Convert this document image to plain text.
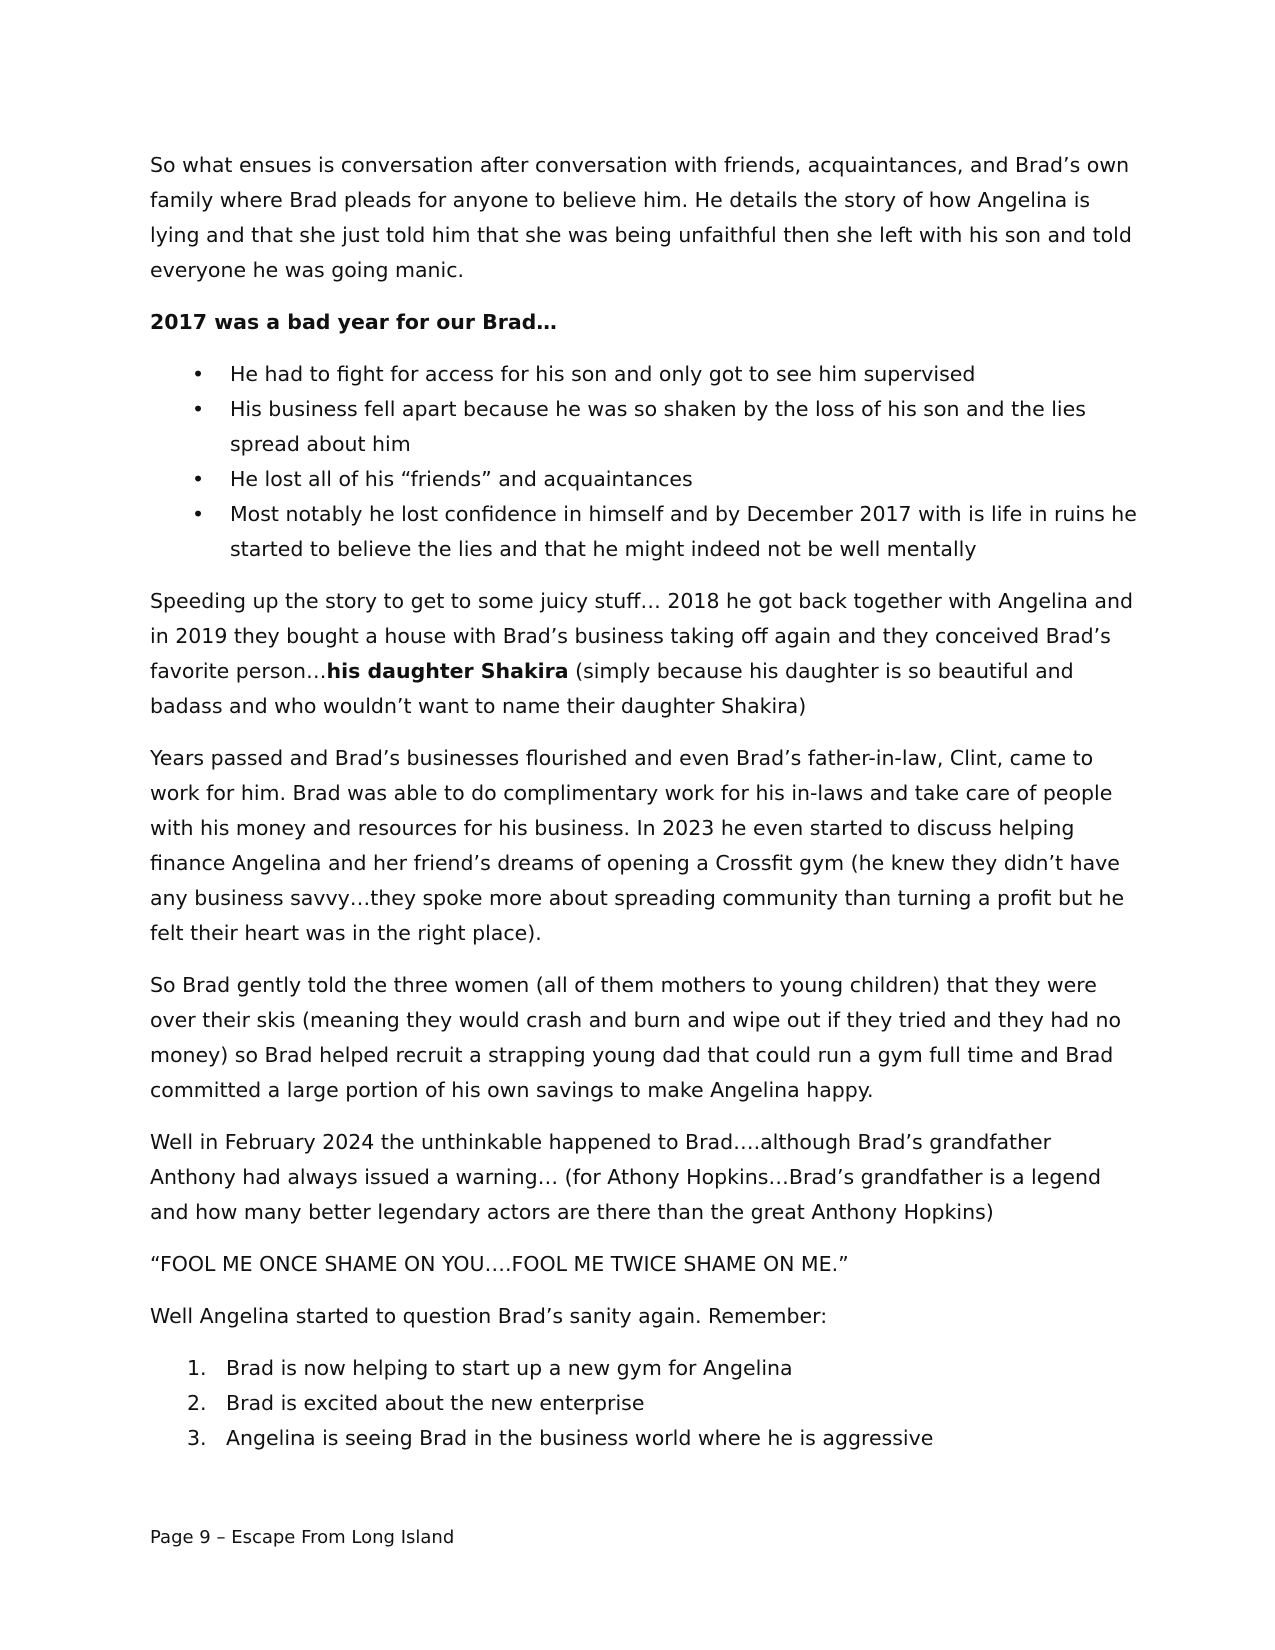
So what ensues is conversation after conversation with friends, acquaintances, and Brad’s own family where Brad pleads for anyone to believe him. He details the story of how Angelina is lying and that she just told him that she was being unfaithful then she left with his son and told everyone he was going manic.

2017 was a bad year for our Brad…

• He had to fight for access for his son and only got to see him supervised
• His business fell apart because he was so shaken by the loss of his son and the lies spread about him
• He lost all of his “friends” and acquaintances
• Most notably he lost confidence in himself and by December 2017 with is life in ruins he started to believe the lies and that he might indeed not be well mentally

Speeding up the story to get to some juicy stuff… 2018 he got back together with Angelina and in 2019 they bought a house with Brad’s business taking off again and they conceived Brad’s favorite person…his daughter Shakira (simply because his daughter is so beautiful and badass and who wouldn’t want to name their daughter Shakira)

Years passed and Brad’s businesses flourished and even Brad’s father-in-law, Clint, came to work for him. Brad was able to do complimentary work for his in-laws and take care of people with his money and resources for his business. In 2023 he even started to discuss helping finance Angelina and her friend’s dreams of opening a Crossfit gym (he knew they didn’t have any business savvy…they spoke more about spreading community than turning a profit but he felt their heart was in the right place).

So Brad gently told the three women (all of them mothers to young children) that they were over their skis (meaning they would crash and burn and wipe out if they tried and they had no money) so Brad helped recruit a strapping young dad that could run a gym full time and Brad committed a large portion of his own savings to make Angelina happy.

Well in February 2024 the unthinkable happened to Brad….although Brad’s grandfather Anthony had always issued a warning… (for Athony Hopkins…Brad’s grandfather is a legend and how many better legendary actors are there than the great Anthony Hopkins)

“FOOL ME ONCE SHAME ON YOU….FOOL ME TWICE SHAME ON ME.”

Well Angelina started to question Brad’s sanity again. Remember:

1. Brad is now helping to start up a new gym for Angelina
2. Brad is excited about the new enterprise
3. Angelina is seeing Brad in the business world where he is aggressive
Page 9 – Escape From Long Island
